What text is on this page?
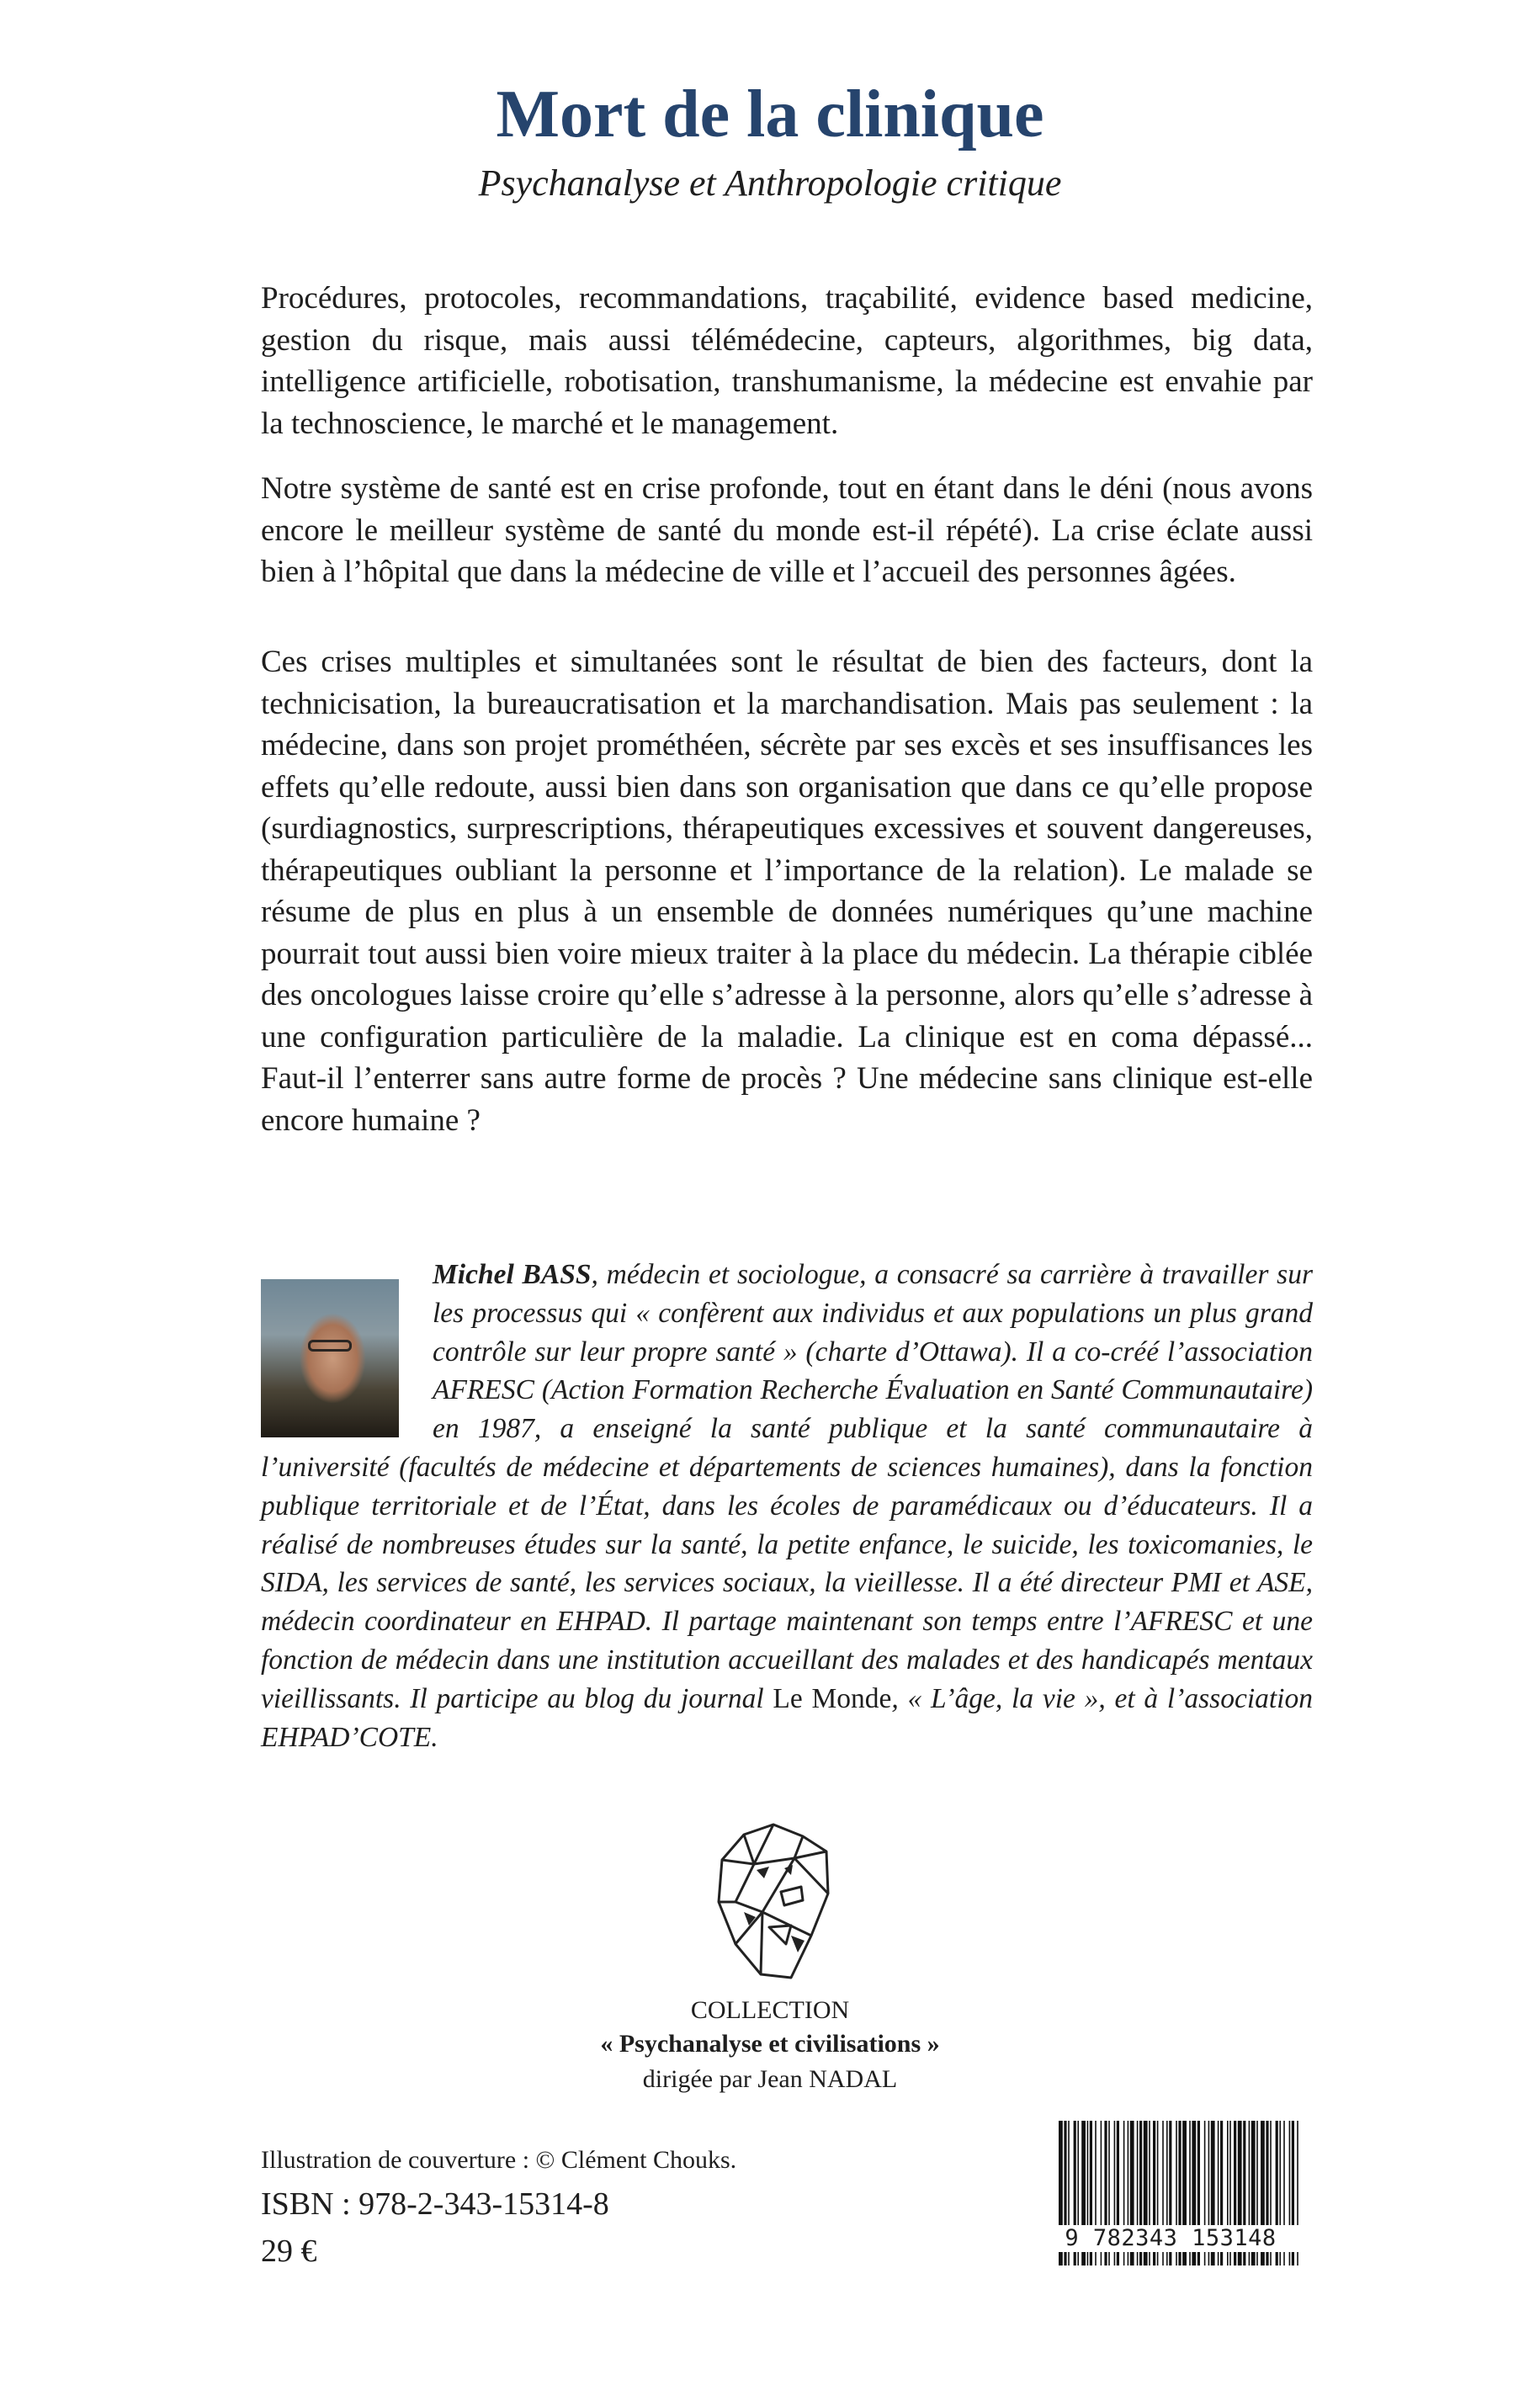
Mort de la clinique
Psychanalyse et Anthropologie critique

Procédures, protocoles, recommandations, traçabilité, evidence based medicine, gestion du risque, mais aussi télémédecine, capteurs, algorithmes, big data, intelligence artificielle, robotisation, transhumanisme, la médecine est envahie par la technoscience, le marché et le management.

Notre système de santé est en crise profonde, tout en étant dans le déni (nous avons encore le meilleur système de santé du monde est-il répété). La crise éclate aussi bien à l’hôpital que dans la médecine de ville et l’accueil des personnes âgées.

Ces crises multiples et simultanées sont le résultat de bien des facteurs, dont la technicisation, la bureaucratisation et la marchandisation. Mais pas seulement : la médecine, dans son projet prométhéen, sécrète par ses excès et ses insuffisances les effets qu’elle redoute, aussi bien dans son organisation que dans ce qu’elle propose (surdiagnostics, surprescriptions, thérapeutiques excessives et souvent dangereuses, thérapeutiques oubliant la personne et l’importance de la relation). Le malade se résume de plus en plus à un ensemble de données numériques qu’une machine pourrait tout aussi bien voire mieux traiter à la place du médecin. La thérapie ciblée des oncologues laisse croire qu’elle s’adresse à la personne, alors qu’elle s’adresse à une configuration particulière de la maladie. La clinique est en coma dépassé... Faut-il l’enterrer sans autre forme de procès ? Une médecine sans clinique est-elle encore humaine ?

Michel BASS, médecin et sociologue, a consacré sa carrière à travailler sur les processus qui « confèrent aux individus et aux populations un plus grand contrôle sur leur propre santé » (charte d’Ottawa). Il a co-créé l’association AFRESC (Action Formation Recherche Évaluation en Santé Communautaire) en 1987, a enseigné la santé publique et la santé communautaire à l’université (facultés de médecine et départements de sciences humaines), dans la fonction publique territoriale et de l’État, dans les écoles de paramédicaux ou d’éducateurs. Il a réalisé de nombreuses études sur la santé, la petite enfance, le suicide, les toxicomanies, le SIDA, les services de santé, les services sociaux, la vieillesse. Il a été directeur PMI et ASE, médecin coordinateur en EHPAD. Il partage maintenant son temps entre l’AFRESC et une fonction de médecin dans une institution accueillant des malades et des handicapés mentaux vieillissants. Il participe au blog du journal Le Monde, « L’âge, la vie », et à l’association EHPAD’COTE.
COLLECTION
« Psychanalyse et civilisations »
dirigée par Jean NADAL
Illustration de couverture : © Clément Chouks.
ISBN : 978-2-343-15314-8
29 €	9 782343 153148
